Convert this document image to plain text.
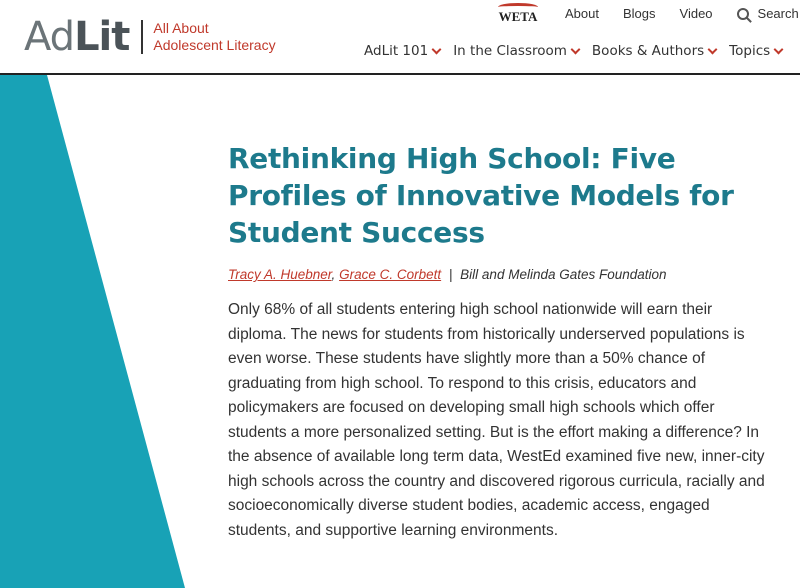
AdLit All About
Adolescent Literacy
WETA	About Blogs Video	Search
AdLit 101 In the Classroom Books & Authors Topics
Rethinking High School: Five Profiles of Innovative Models for Student Success
Tracy A. Huebner, Grace C. Corbett | Bill and Melinda Gates Foundation

Only 68% of all students entering high school nationwide will earn their diploma. The news for students from historically underserved populations is even worse. These students have slightly more than a 50% chance of graduating from high school. To respond to this crisis, educators and policymakers are focused on developing small high schools which offer students a more personalized setting. But is the effort making a difference? In the absence of available long term data, WestEd examined five new, inner-city high schools across the country and discovered rigorous curricula, racially and socioeconomically diverse student bodies, academic access, engaged students, and supportive learning environments.
